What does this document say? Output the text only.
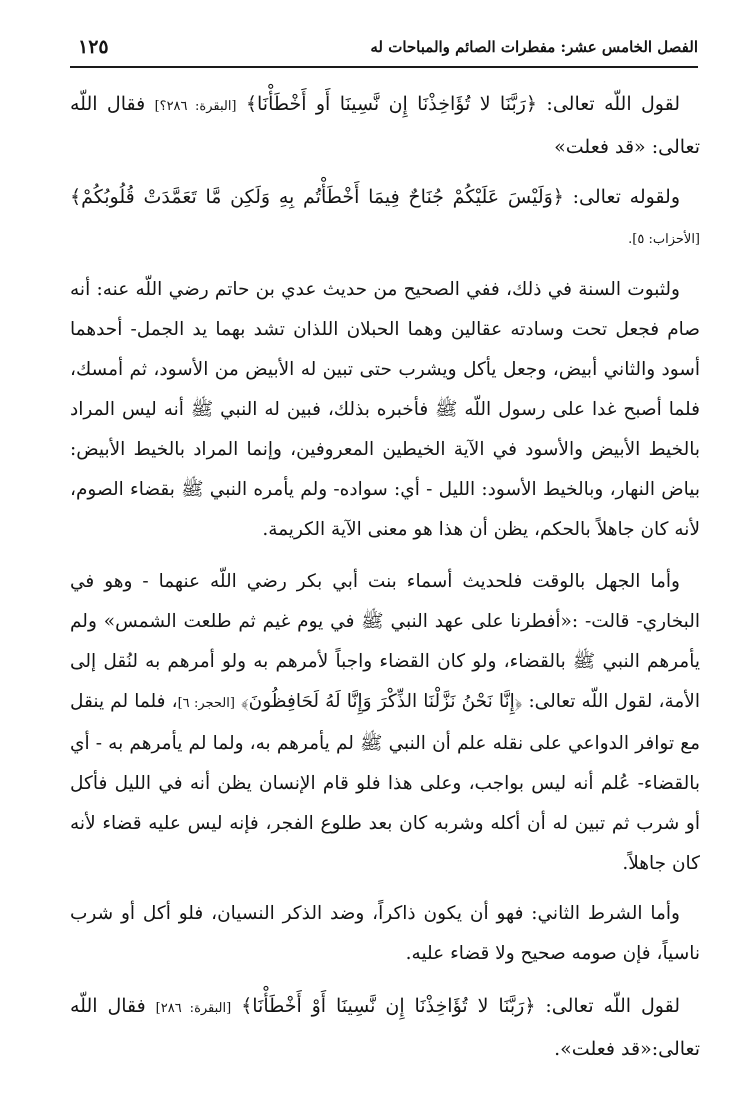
١٢٥	الفصل الخامس عشر: مفطرات الصائم والمباحات له

لقول اللّه تعالى: ﴿رَبَّنَا لا تُؤَاخِذْنَا إِن نَّسِينَا أَو أَخْطَأْنَا﴾ [البقرة: ٢٨٦؟] فقال اللّه تعالى: «قد فعلت»

ولقوله تعالى: ﴿وَلَيْسَ عَلَيْكُمْ جُنَاحٌ فِيمَا أَخْطَأْتُم بِهِ وَلَكِن مَّا تَعَمَّدَتْ قُلُوبُكُمْ﴾ [الأحزاب: ٥].

ولثبوت السنة في ذلك، ففي الصحيح من حديث عدي بن حاتم رضي اللّه عنه: أنه صام فجعل تحت وسادته عقالين وهما الحبلان اللذان تشد بهما يد الجمل- أحدهما أسود والثاني أبيض، وجعل يأكل ويشرب حتى تبين له الأبيض من الأسود، ثم أمسك، فلما أصبح غدا على رسول اللّه ﷺ فأخبره بذلك، فبين له النبي ﷺ أنه ليس المراد بالخيط الأبيض والأسود في الآية الخيطين المعروفين، وإنما المراد بالخيط الأبيض: بياض النهار، وبالخيط الأسود: الليل - أي: سواده- ولم يأمره النبي ﷺ بقضاء الصوم، لأنه كان جاهلاً بالحكم، يظن أن هذا هو معنى الآية الكريمة.

وأما الجهل بالوقت فلحديث أسماء بنت أبي بكر رضي اللّه عنهما - وهو في البخاري- قالت- :«أفطرنا على عهد النبي ﷺ في يوم غيم ثم طلعت الشمس» ولم يأمرهم النبي ﷺ بالقضاء، ولو كان القضاء واجباً لأمرهم به ولو أمرهم به لنُقل إلى الأمة، لقول اللّه تعالى: ﴿إِنَّا نَحْنُ نَزَّلْنَا الذِّكْرَ وَإِنَّا لَهُ لَحَافِظُونَ﴾ [الحجر: ٦]، فلما لم ينقل مع توافر الدواعي على نقله علم أن النبي ﷺ لم يأمرهم به، ولما لم يأمرهم به - أي بالقضاء- عُلم أنه ليس بواجب، وعلى هذا فلو قام الإنسان يظن أنه في الليل فأكل أو شرب ثم تبين له أن أكله وشربه كان بعد طلوع الفجر، فإنه ليس عليه قضاء لأنه كان جاهلاً.

وأما الشرط الثاني: فهو أن يكون ذاكراً، وضد الذكر النسيان، فلو أكل أو شرب ناسياً، فإن صومه صحيح ولا قضاء عليه.

لقول اللّه تعالى: ﴿رَبَّنَا لا تُؤَاخِذْنَا إِن نَّسِينَا أَوْ أَخْطَأْنَا﴾ [البقرة: ٢٨٦] فقال اللّه تعالى:«قد فعلت».
